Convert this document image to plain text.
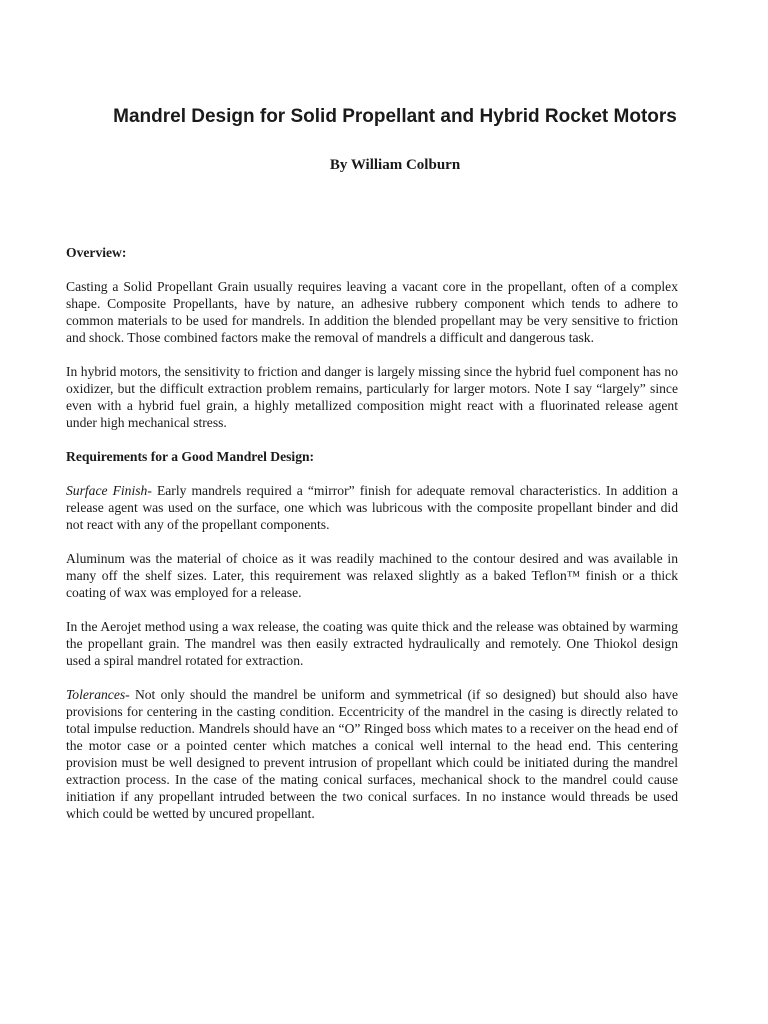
Mandrel Design for Solid Propellant and Hybrid Rocket Motors
By William Colburn
Overview:

Casting a Solid Propellant Grain usually requires leaving a vacant core in the propellant, often of a complex shape. Composite Propellants, have by nature, an adhesive rubbery component which tends to adhere to common materials to be used for mandrels. In addition the blended propellant may be very sensitive to friction and shock. Those combined factors make the removal of mandrels a difficult and dangerous task.

In hybrid motors, the sensitivity to friction and danger is largely missing since the hybrid fuel component has no oxidizer, but the difficult extraction problem remains, particularly for larger motors. Note I say “largely” since even with a hybrid fuel grain, a highly metallized composition might react with a fluorinated release agent under high mechanical stress.

Requirements for a Good Mandrel Design:

Surface Finish- Early mandrels required a “mirror” finish for adequate removal characteristics. In addition a release agent was used on the surface, one which was lubricous with the composite propellant binder and did not react with any of the propellant components.

Aluminum was the material of choice as it was readily machined to the contour desired and was available in many off the shelf sizes. Later, this requirement was relaxed slightly as a baked Teflon™ finish or a thick coating of wax was employed for a release.

In the Aerojet method using a wax release, the coating was quite thick and the release was obtained by warming the propellant grain. The mandrel was then easily extracted hydraulically and remotely. One Thiokol design used a spiral mandrel rotated for extraction.

Tolerances- Not only should the mandrel be uniform and symmetrical (if so designed) but should also have provisions for centering in the casting condition. Eccentricity of the mandrel in the casing is directly related to total impulse reduction. Mandrels should have an “O” Ringed boss which mates to a receiver on the head end of the motor case or a pointed center which matches a conical well internal to the head end. This centering provision must be well designed to prevent intrusion of propellant which could be initiated during the mandrel extraction process. In the case of the mating conical surfaces, mechanical shock to the mandrel could cause initiation if any propellant intruded between the two conical surfaces. In no instance would threads be used which could be wetted by uncured propellant.
